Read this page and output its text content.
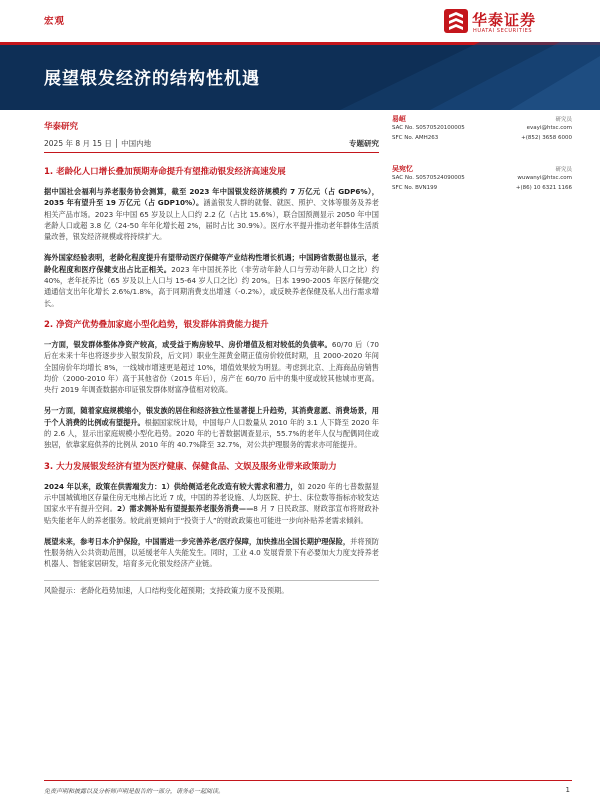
宏观	华泰证券
HUATAI SECURITIES
展望银发经济的结构性机遇
华泰研究
2025 年 8 月 15 日 │ 中国内地	专题研究
易峘	研究员
SAC No. S0570520100005	evayi@htsc.com
SFC No. AMH263	+(852) 3658 6000
吴宛忆	研究员
SAC No. S0570524090005	wuwanyi@htsc.com
SFC No. BVN199	+(86) 10 6321 1166
1. 老龄化人口增长叠加预期寿命提升有望推动银发经济高速发展

据中国社会福利与养老服务协会测算，截至 2023 年中国银发经济规模约 7 万亿元（占 GDP6%），2035 年有望升至 19 万亿元（占 GDP10%）。涵盖银发人群的就餐、就医、照护、文体等服务及养老相关产品市场。2023 年中国 65 岁及以上人口约 2.2 亿（占比 15.6%），联合国预测显示 2050 年中国老龄人口或超 3.8 亿（24-50 年年化增长超 2%，届时占比 30.9%）。医疗水平提升推动老年群体生活质量改善，银发经济规模或将持续扩大。

海外国家经验表明，老龄化程度提升有望带动医疗保健等产业结构性增长机遇；中国跨省数据也显示，老龄化程度和医疗保健支出占比正相关。2023 年中国抚养比（非劳动年龄人口与劳动年龄人口之比）约 40%，老年抚养比（65 岁及以上人口与 15-64 岁人口之比）约 20%。日本 1990-2005 年医疗保健/交通通信支出年化增长 2.6%/1.8%，高于同期消费支出增速（-0.2%），或反映养老保健及私人出行需求增长。

2. 净资产优势叠加家庭小型化趋势，银发群体消费能力提升

一方面，银发群体整体净资产较高，或受益于购房较早、房价增值及相对较低的负债率。60/70 后（70 后在未来十年也将逐步步入银发阶段，后文同）职业生涯黄金期正值房价较低时期，且 2000-2020 年间全国房价年均增长 8%，一线城市增速更是超过 10%，增值效果较为明显。考虑到北京、上海商品房销售均价（2000-2010 年）高于其他省份（2015 年后），房产在 60/70 后中的集中度或较其他城市更高。央行 2019 年调查数据亦印证银发群体财富净值相对较高。

另一方面，随着家庭规模缩小，银发族的居住和经济独立性显著提上升趋势，其消费意愿、消费场景，用于个人消费的比例或有望提升。根据国家统计局，中国每户人口数量从 2010 年的 3.1 人下降至 2020 年的 2.6 人，显示出家庭规模小型化趋势。2020 年的七普数据调查显示，55.7%的老年人仅与配偶同住或独居，依靠家庭供养的比例从 2010 年的 40.7%降至 32.7%，对公共护理服务的需求亦可能提升。

3. 大力发展银发经济有望为医疗健康、保健食品、文娱及服务业带来政策助力

2024 年以来，政策在供需端发力：1）供给侧适老化改造有较大需求和潜力，如 2020 年的七普数据显示中国城镇地区存量住房无电梯占比近 7 成，中国的养老设施、人均医院、护士、床位数等指标亦较发达国家水平有提升空间。2）需求侧补贴有望提振养老服务消费——8 月 7 日民政部、财政部宣布将财政补贴失能老年人的养老服务。较此前更倾向于“投资于人”的财政政策也可能进一步向补贴养老需求倾斜。

展望未来，参考日本介护保险，中国需进一步完善养老/医疗保障，加快推出全国长期护理保险，并将预防性服务纳入公共资助范围，以延缓老年人失能发生。同时，工业 4.0 发展背景下有必要加大力度支持养老机器人、智能家居研发，培育多元化银发经济产业链。

风险提示：老龄化趋势加速，人口结构变化超预期；支持政策力度不及预期。
免责声明和披露以及分析师声明是报告的一部分，请务必一起阅读。	1
